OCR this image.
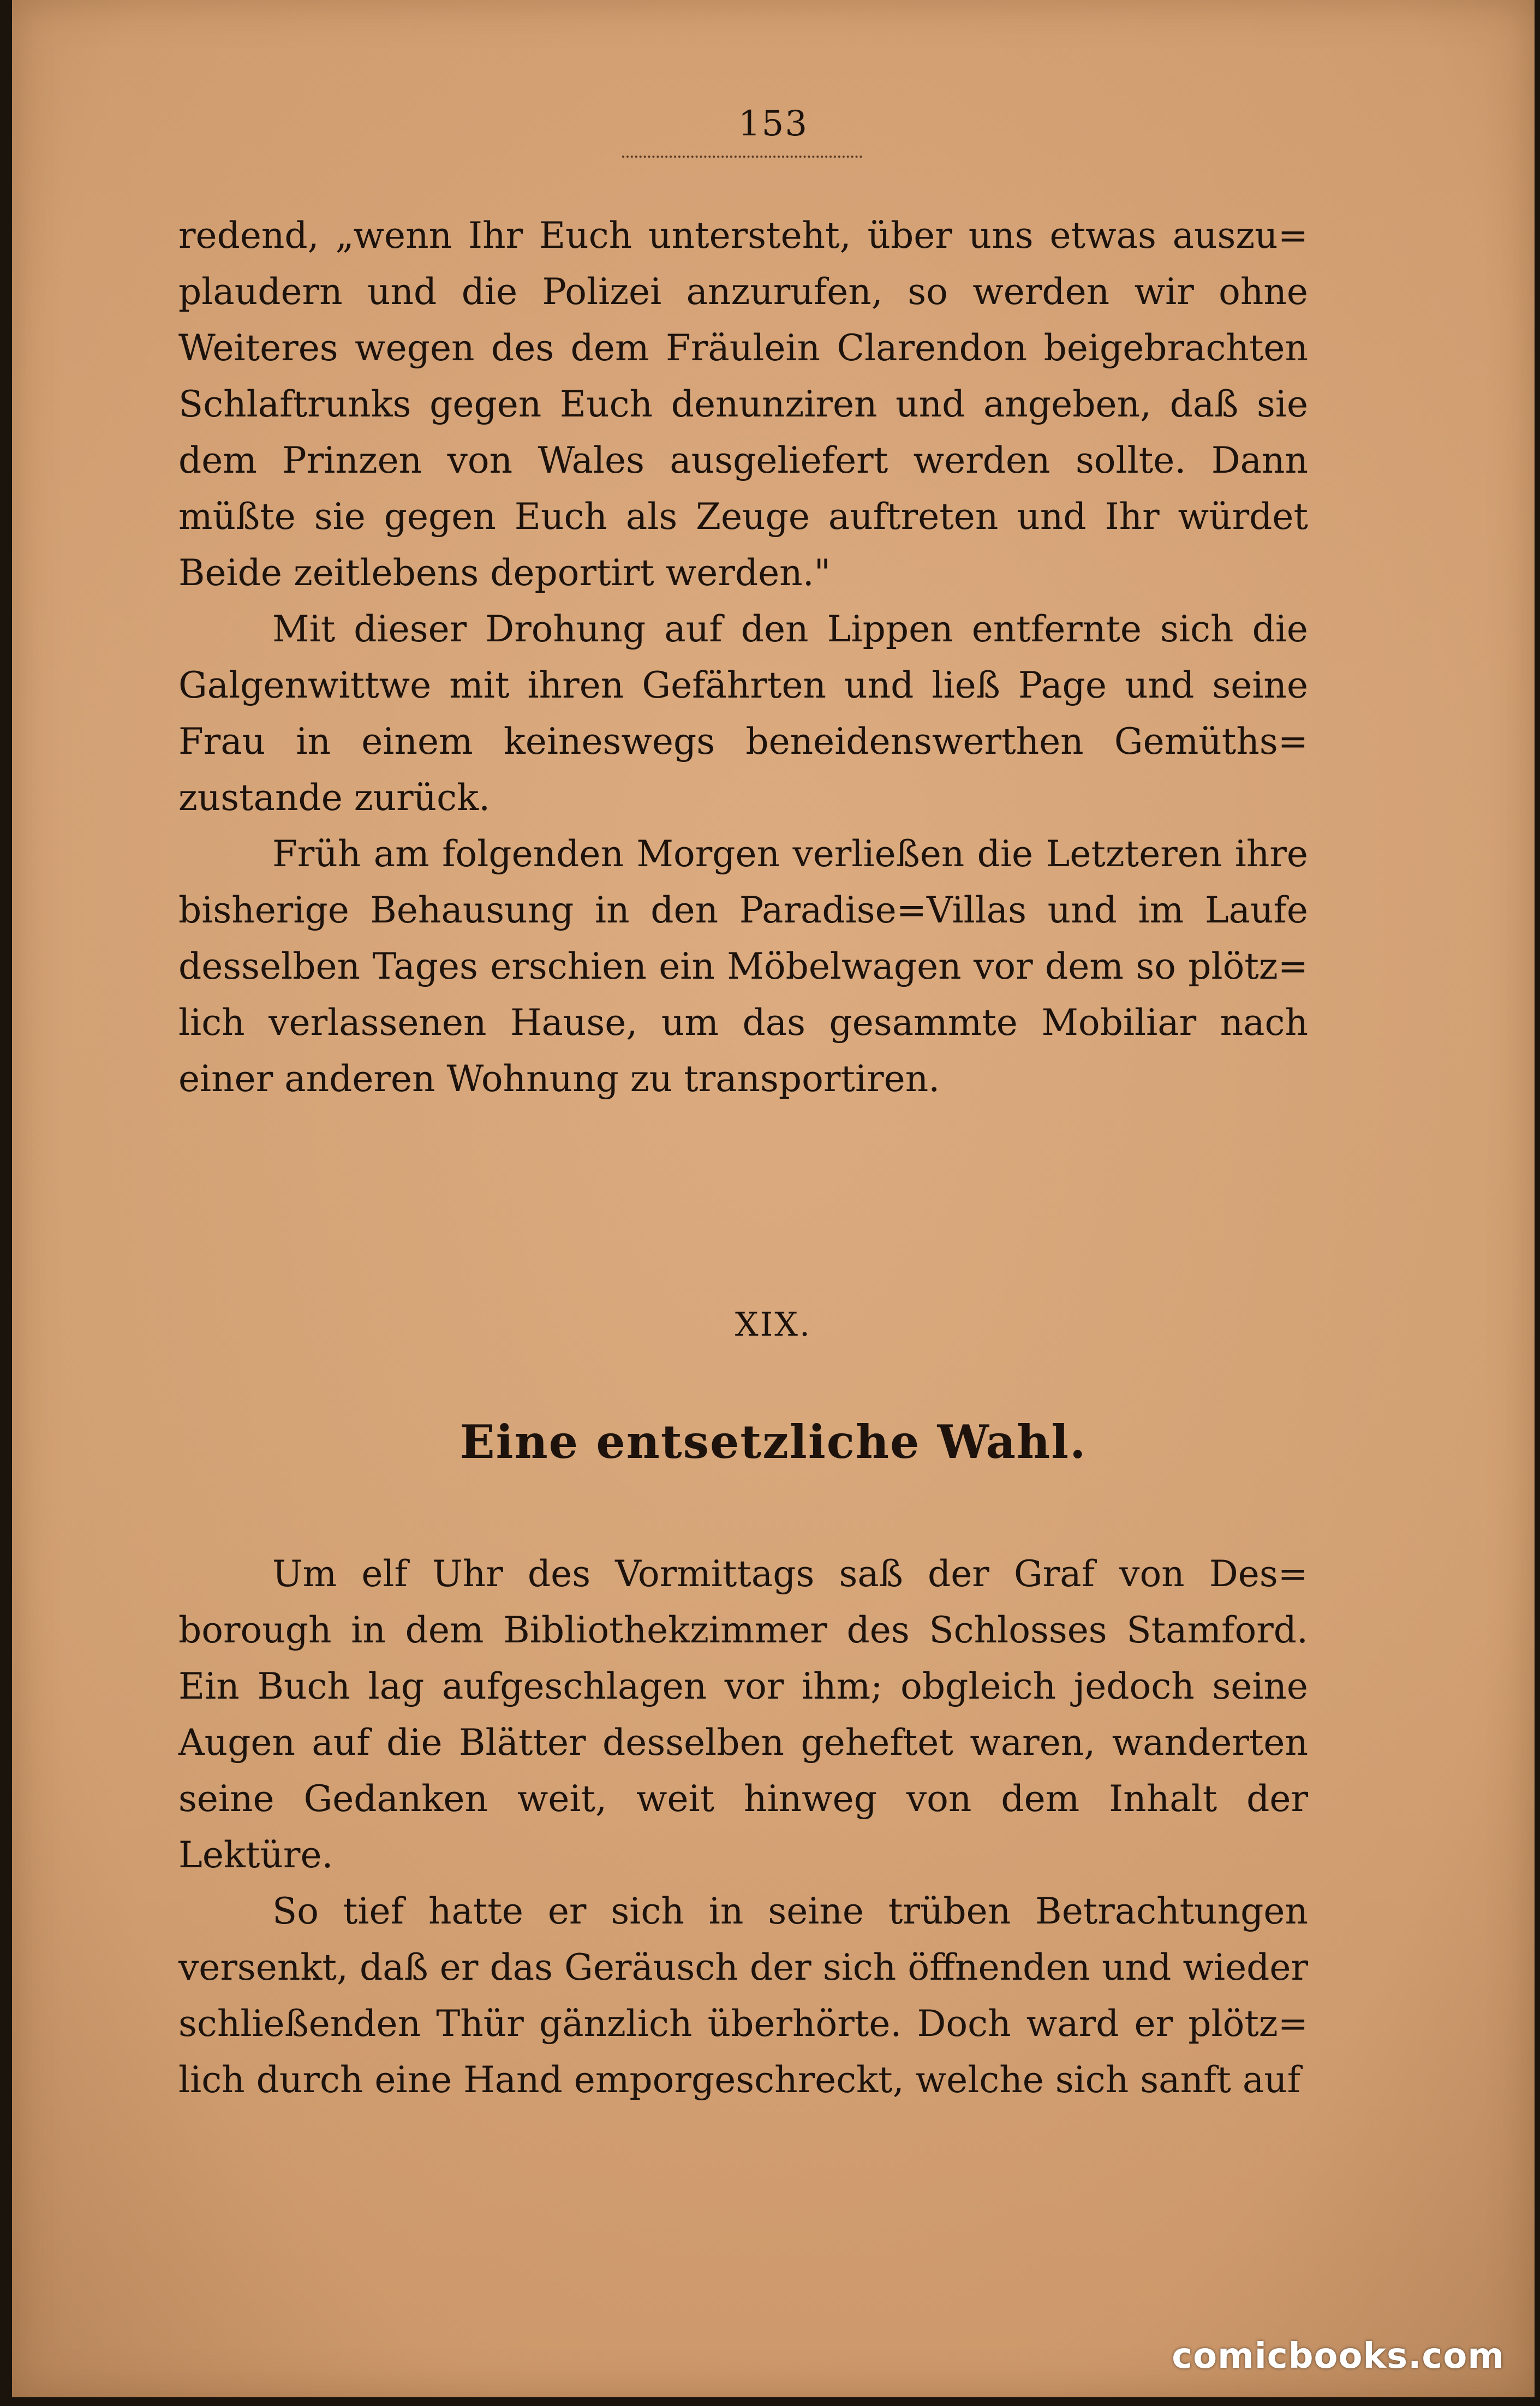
153

redend, „wenn Ihr Euch untersteht, über uns etwas auszu= plaudern und die Polizei anzurufen, so werden wir ohne Weiteres wegen des dem Fräulein Clarendon beigebrachten Schlaftrunks gegen Euch denunziren und angeben, daß sie dem Prinzen von Wales ausgeliefert werden sollte. Dann müßte sie gegen Euch als Zeuge auftreten und Ihr würdet Beide zeitlebens deportirt werden."

Mit dieser Drohung auf den Lippen entfernte sich die Galgenwittwe mit ihren Gefährten und ließ Page und seine Frau in einem keineswegs beneidenswerthen Gemüths= zustande zurück.

Früh am folgenden Morgen verließen die Letzteren ihre bisherige Behausung in den Paradise=Villas und im Laufe desselben Tages erschien ein Möbelwagen vor dem so plötz= lich verlassenen Hause, um das gesammte Mobiliar nach einer anderen Wohnung zu transportiren.

XIX.
Eine entsetzliche Wahl.

Um elf Uhr des Vormittags saß der Graf von Des= borough in dem Bibliothekzimmer des Schlosses Stamford. Ein Buch lag aufgeschlagen vor ihm; obgleich jedoch seine Augen auf die Blätter desselben geheftet waren, wanderten seine Gedanken weit, weit hinweg von dem Inhalt der Lektüre.

So tief hatte er sich in seine trüben Betrachtungen versenkt, daß er das Geräusch der sich öffnenden und wieder schließenden Thür gänzlich überhörte. Doch ward er plötz= lich durch eine Hand emporgeschreckt, welche sich sanft auf

comicbooks.com
